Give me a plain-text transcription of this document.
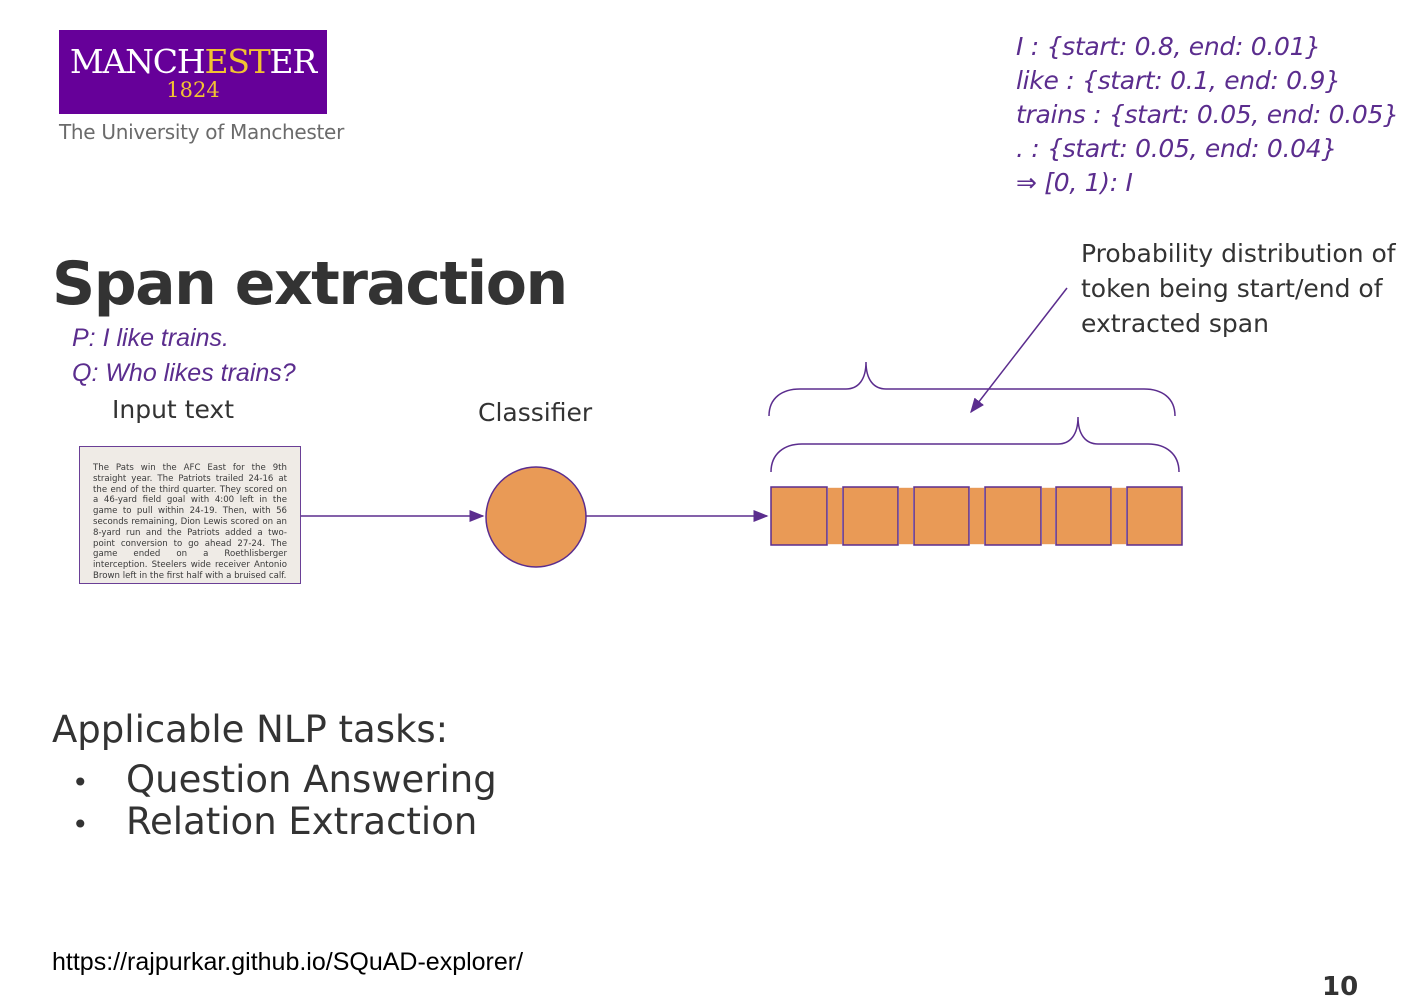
MANCHESTER
1824
The University of Manchester
I : {start: 0.8, end: 0.01}
like : {start: 0.1, end: 0.9}
trains : {start: 0.05, end: 0.05}
. : {start: 0.05, end: 0.04}
⇒ [0, 1): I
Span extraction
P: I like trains.
Q: Who likes trains?
Input text	Classifier
Probability distribution of
token being start/end of
extracted span

The Pats win the AFC East for the 9th straight year. The Patriots trailed 24-16 at the end of the third quarter. They scored on a 46-yard field goal with 4:00 left in the game to pull within 24-19. Then, with 56 seconds remaining, Dion Lewis scored on an 8-yard run and the Patriots added a two-point conversion to go ahead 27-24. The game ended on a Roethlisberger interception. Steelers wide receiver Antonio Brown left in the first half with a bruised calf.

Applicable NLP tasks:
• Question Answering
• Relation Extraction
https://rajpurkar.github.io/SQuAD-explorer/
10
